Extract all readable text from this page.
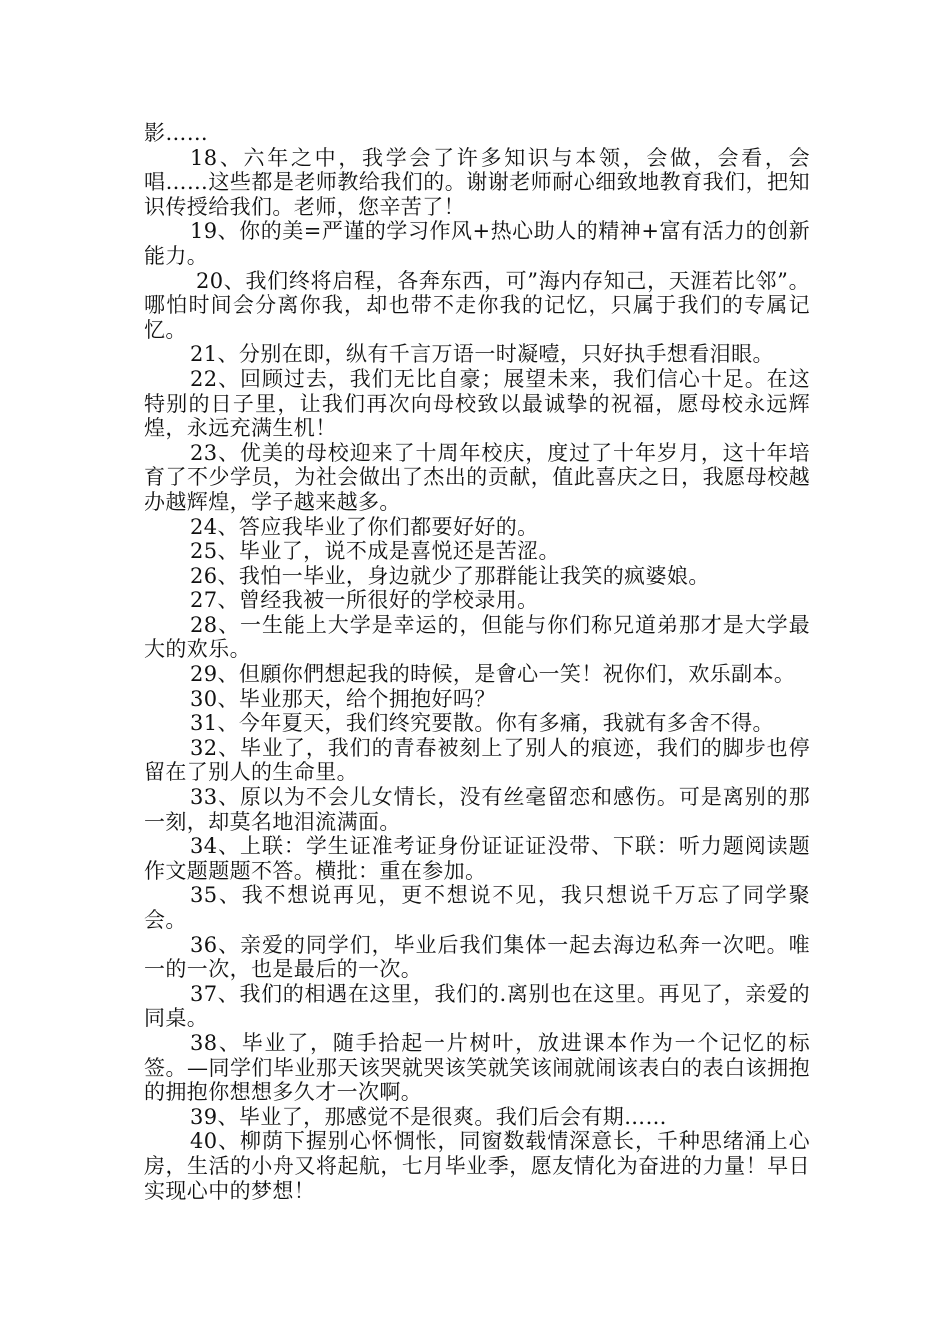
影……

18、六年之中，我学会了许多知识与本领，会做，会看，会唱……这些都是老师教给我们的。谢谢老师耐心细致地教育我们，把知识传授给我们。老师，您辛苦了！

19、你的美=严谨的学习作风+热心助人的精神+富有活力的创新能力。

20、我们终将启程，各奔东西，可”海内存知己，天涯若比邻”。哪怕时间会分离你我，却也带不走你我的记忆，只属于我们的专属记忆。

21、分别在即，纵有千言万语一时凝噎，只好执手想看泪眼。

22、回顾过去，我们无比自豪；展望未来，我们信心十足。在这特别的日子里，让我们再次向母校致以最诚挚的祝福，愿母校永远辉煌，永远充满生机！

23、优美的母校迎来了十周年校庆，度过了十年岁月，这十年培育了不少学员，为社会做出了杰出的贡献，值此喜庆之日，我愿母校越办越辉煌，学子越来越多。

24、答应我毕业了你们都要好好的。

25、毕业了，说不成是喜悦还是苦涩。

26、我怕一毕业，身边就少了那群能让我笑的疯婆娘。

27、曾经我被一所很好的学校录用。

28、一生能上大学是幸运的，但能与你们称兄道弟那才是大学最大的欢乐。

29、但願你們想起我的時候，是會心一笑！祝你们，欢乐副本。

30、毕业那天，给个拥抱好吗？

31、今年夏天，我们终究要散。你有多痛，我就有多舍不得。

32、毕业了，我们的青春被刻上了别人的痕迹，我们的脚步也停留在了别人的生命里。

33、原以为不会儿女情长，没有丝毫留恋和感伤。可是离别的那一刻，却莫名地泪流满面。

34、上联：学生证准考证身份证证证没带、下联：听力题阅读题作文题题题不答。横批：重在参加。

35、我不想说再见，更不想说不见，我只想说千万忘了同学聚会。

36、亲爱的同学们，毕业后我们集体一起去海边私奔一次吧。唯一的一次，也是最后的一次。

37、我们的相遇在这里，我们的.离别也在这里。再见了，亲爱的同桌。

38、毕业了，随手拾起一片树叶，放进课本作为一个记忆的标签。—同学们毕业那天该哭就哭该笑就笑该闹就闹该表白的表白该拥抱的拥抱你想想多久才一次啊。

39、毕业了，那感觉不是很爽。我们后会有期……

40、柳荫下握别心怀惆怅，同窗数载情深意长，千种思绪涌上心房，生活的小舟又将起航，七月毕业季，愿友情化为奋进的力量！早日实现心中的梦想！
